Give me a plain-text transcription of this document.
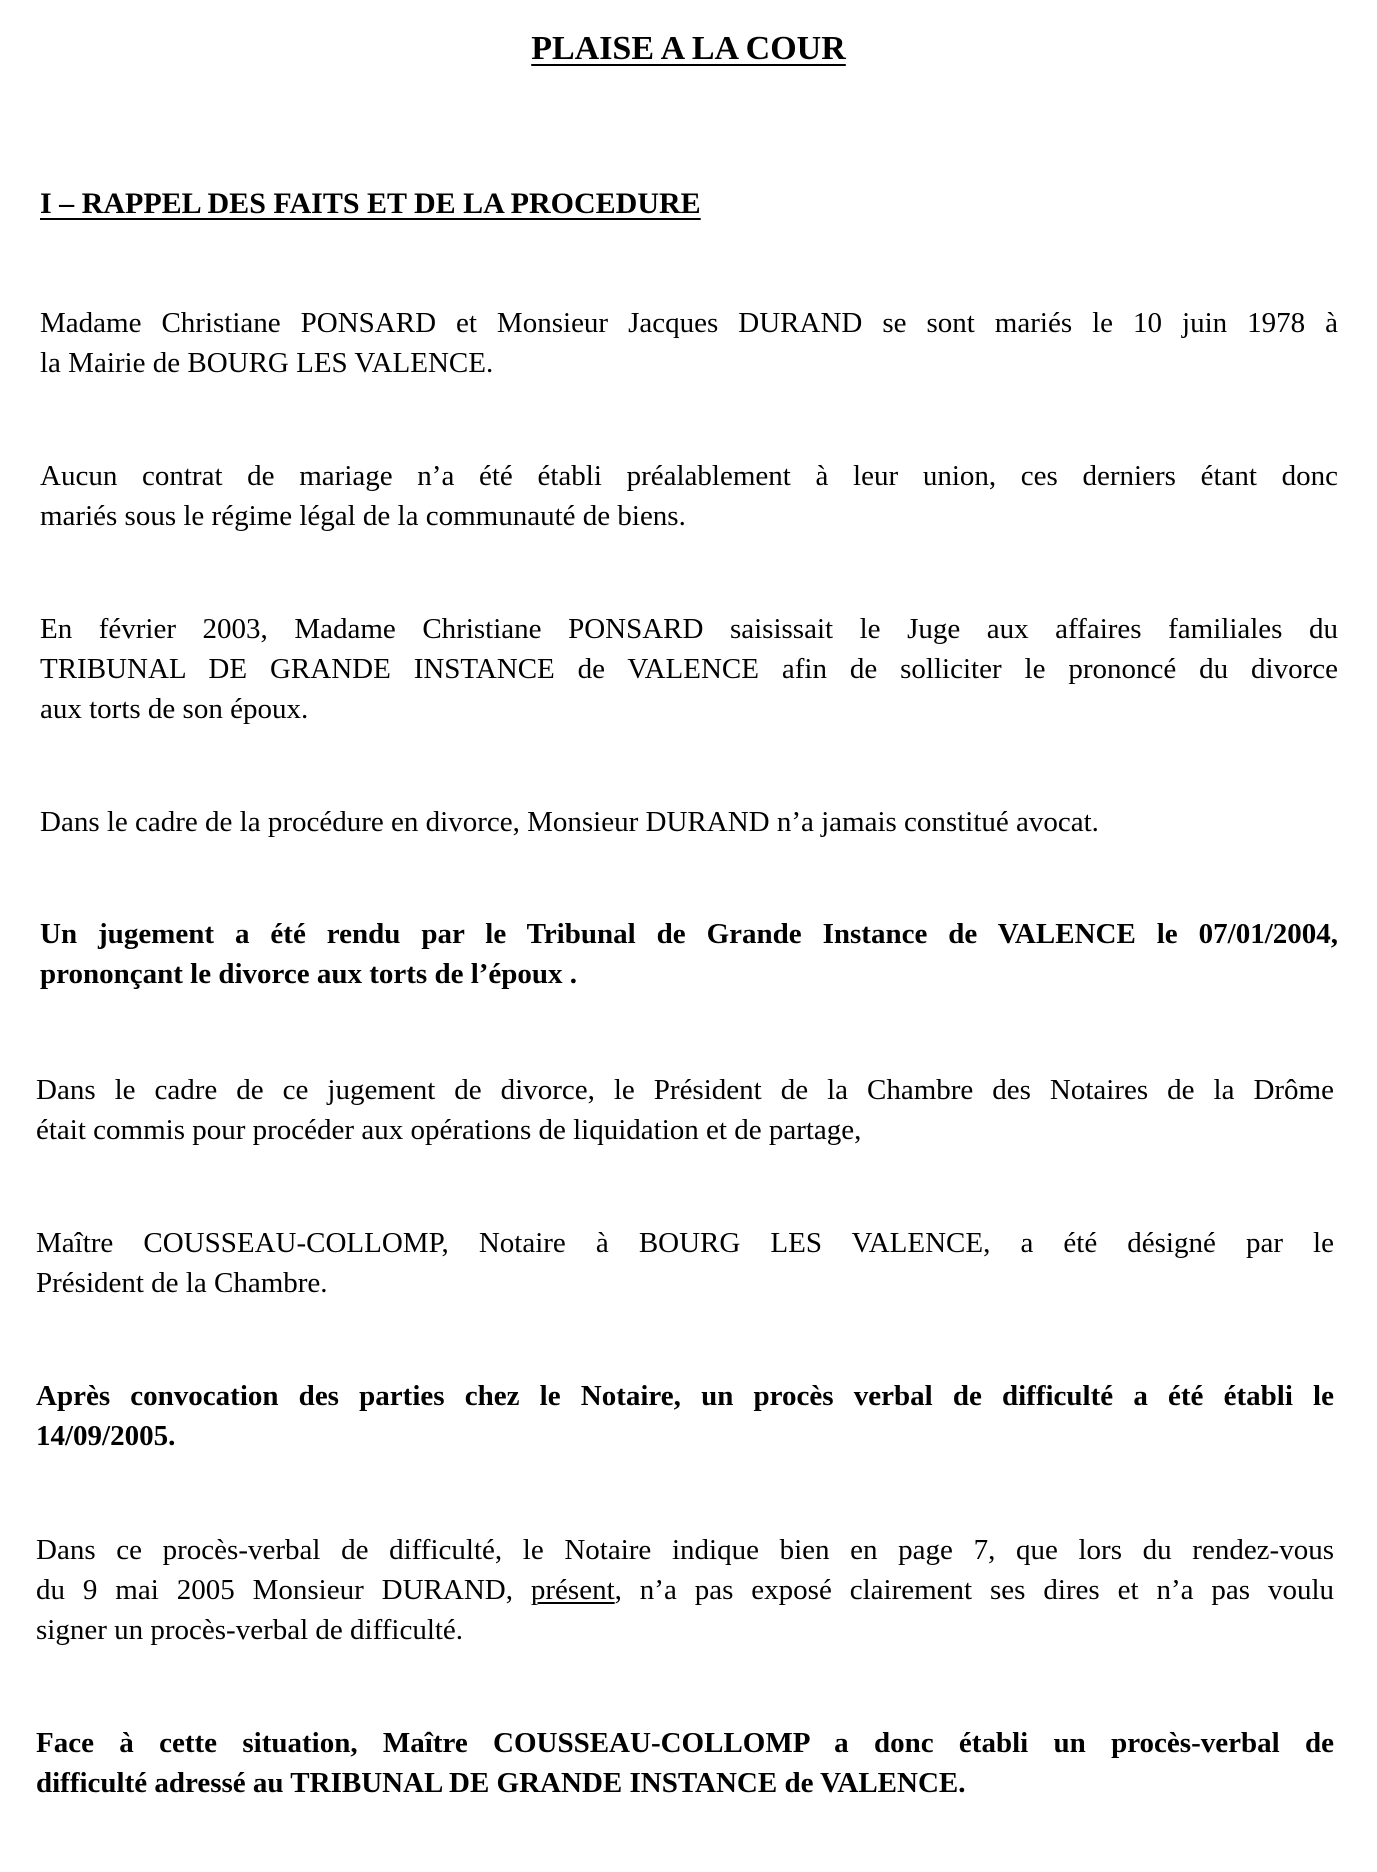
PLAISE A LA COUR
I – RAPPEL DES FAITS ET DE LA PROCEDURE
Madame Christiane PONSARD et Monsieur Jacques DURAND se sont mariés le 10 juin 1978 à
la Mairie de BOURG LES VALENCE.
Aucun contrat de mariage n’a été établi préalablement à leur union, ces derniers étant donc
mariés sous le régime légal de la communauté de biens.
En février 2003, Madame Christiane PONSARD saisissait le Juge aux affaires familiales du
TRIBUNAL DE GRANDE INSTANCE de VALENCE afin de solliciter le prononcé du divorce
aux torts de son époux.
Dans le cadre de la procédure en divorce, Monsieur DURAND n’a jamais constitué avocat.
Un jugement a été rendu par le Tribunal de Grande Instance de VALENCE le 07/01/2004,
prononçant le divorce aux torts de l’époux .
Dans le cadre de ce jugement de divorce, le Président de la Chambre des Notaires de la Drôme
était commis pour procéder aux opérations de liquidation et de partage,
Maître COUSSEAU-COLLOMP, Notaire à BOURG LES VALENCE, a été désigné par le
Président de la Chambre.
Après convocation des parties chez le Notaire, un procès verbal de difficulté a été établi le
14/09/2005.
Dans ce procès-verbal de difficulté, le Notaire indique bien en page 7, que lors du rendez-vous
du 9 mai 2005 Monsieur DURAND, présent, n’a pas exposé clairement ses dires et n’a pas voulu
signer un procès-verbal de difficulté.
Face à cette situation, Maître COUSSEAU-COLLOMP a donc établi un procès-verbal de
difficulté adressé au TRIBUNAL DE GRANDE INSTANCE de VALENCE.
